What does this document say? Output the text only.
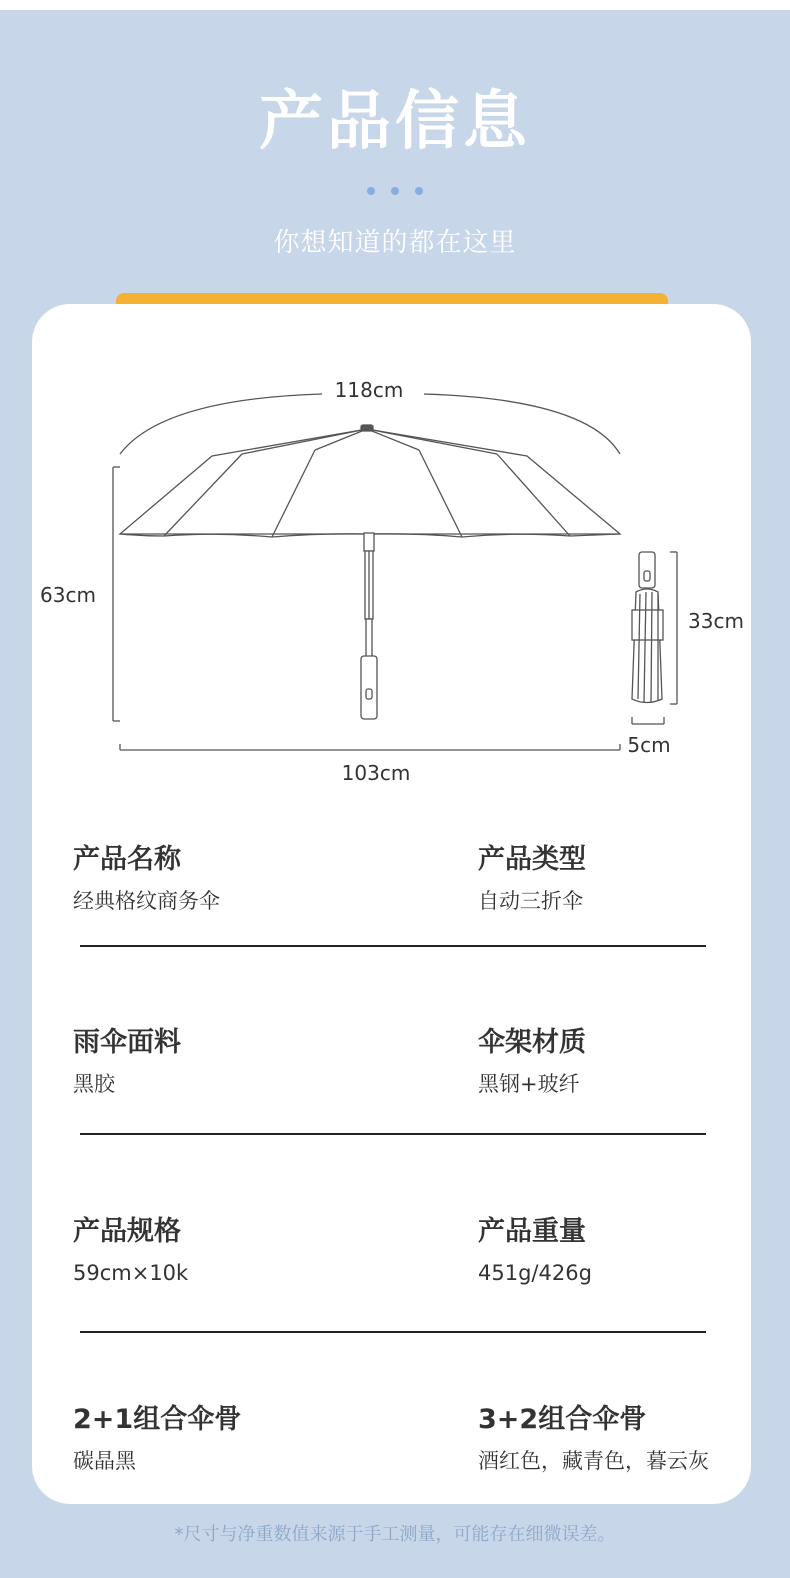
产品信息
你想知道的都在这里
118cm
63cm
103cm
33cm
5cm
产品名称
经典格纹商务伞
产品类型
自动三折伞
雨伞面料
黑胶
伞架材质
黑钢+玻纤
产品规格
59cm×10k
产品重量
451g/426g
2+1组合伞骨
碳晶黑
3+2组合伞骨
酒红色，藏青色，暮云灰
*尺寸与净重数值来源于手工测量，可能存在细微误差。
